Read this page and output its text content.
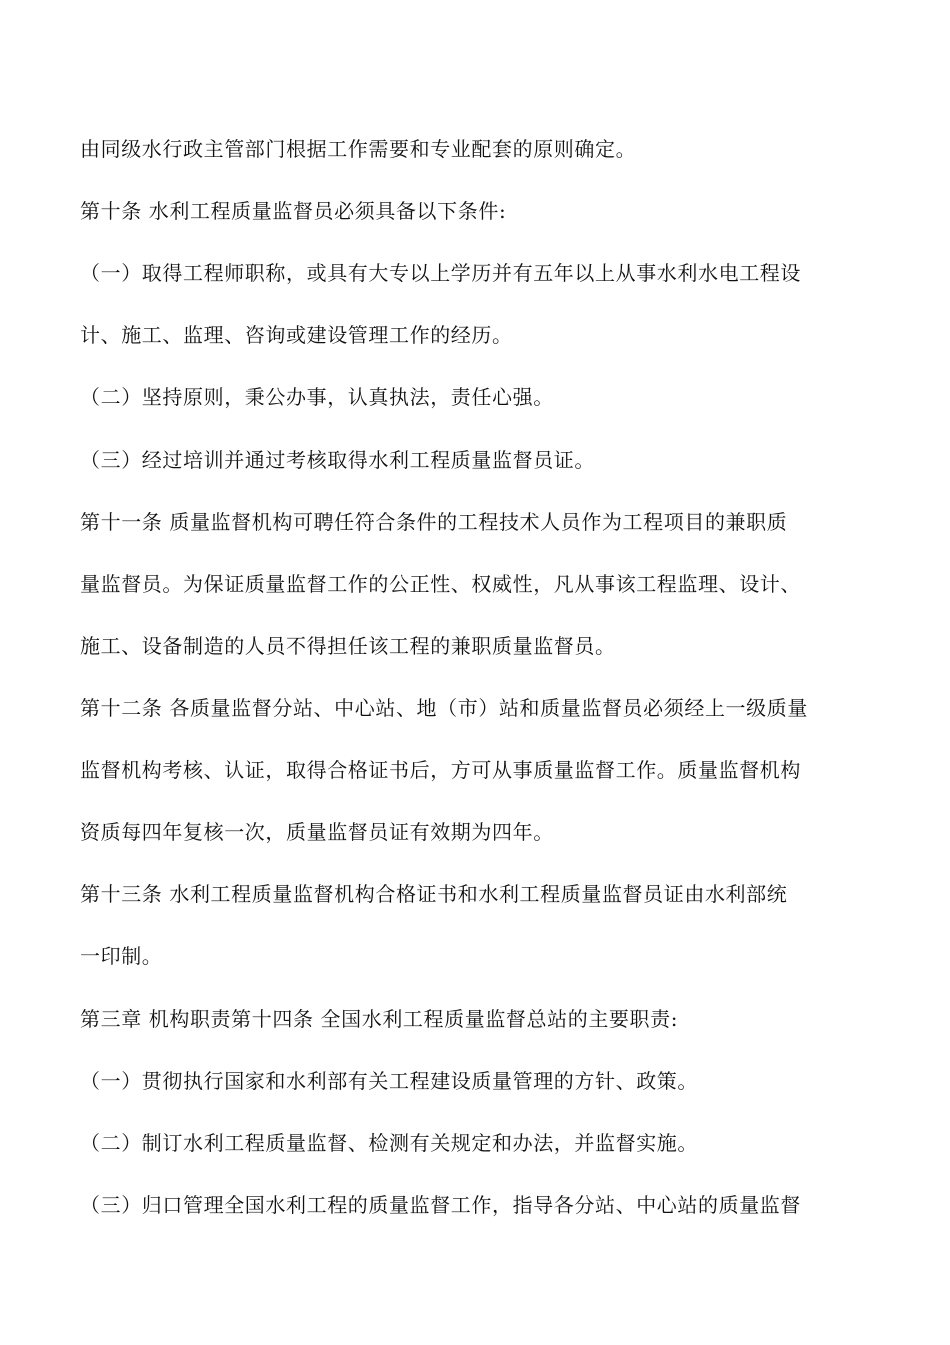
由同级水行政主管部门根据工作需要和专业配套的原则确定。
第十条 水利工程质量监督员必须具备以下条件:
（一）取得工程师职称，或具有大专以上学历并有五年以上从事水利水电工程设
计、施工、监理、咨询或建设管理工作的经历。
（二）坚持原则，秉公办事，认真执法，责任心强。
（三）经过培训并通过考核取得水利工程质量监督员证。
第十一条 质量监督机构可聘任符合条件的工程技术人员作为工程项目的兼职质
量监督员。为保证质量监督工作的公正性、权威性，凡从事该工程监理、设计、
施工、设备制造的人员不得担任该工程的兼职质量监督员。
第十二条 各质量监督分站、中心站、地（市）站和质量监督员必须经上一级质量
监督机构考核、认证，取得合格证书后，方可从事质量监督工作。质量监督机构
资质每四年复核一次，质量监督员证有效期为四年。
第十三条 水利工程质量监督机构合格证书和水利工程质量监督员证由水利部统
一印制。
第三章 机构职责第十四条 全国水利工程质量监督总站的主要职责:
（一）贯彻执行国家和水利部有关工程建设质量管理的方针、政策。
（二）制订水利工程质量监督、检测有关规定和办法，并监督实施。
（三）归口管理全国水利工程的质量监督工作，指导各分站、中心站的质量监督
